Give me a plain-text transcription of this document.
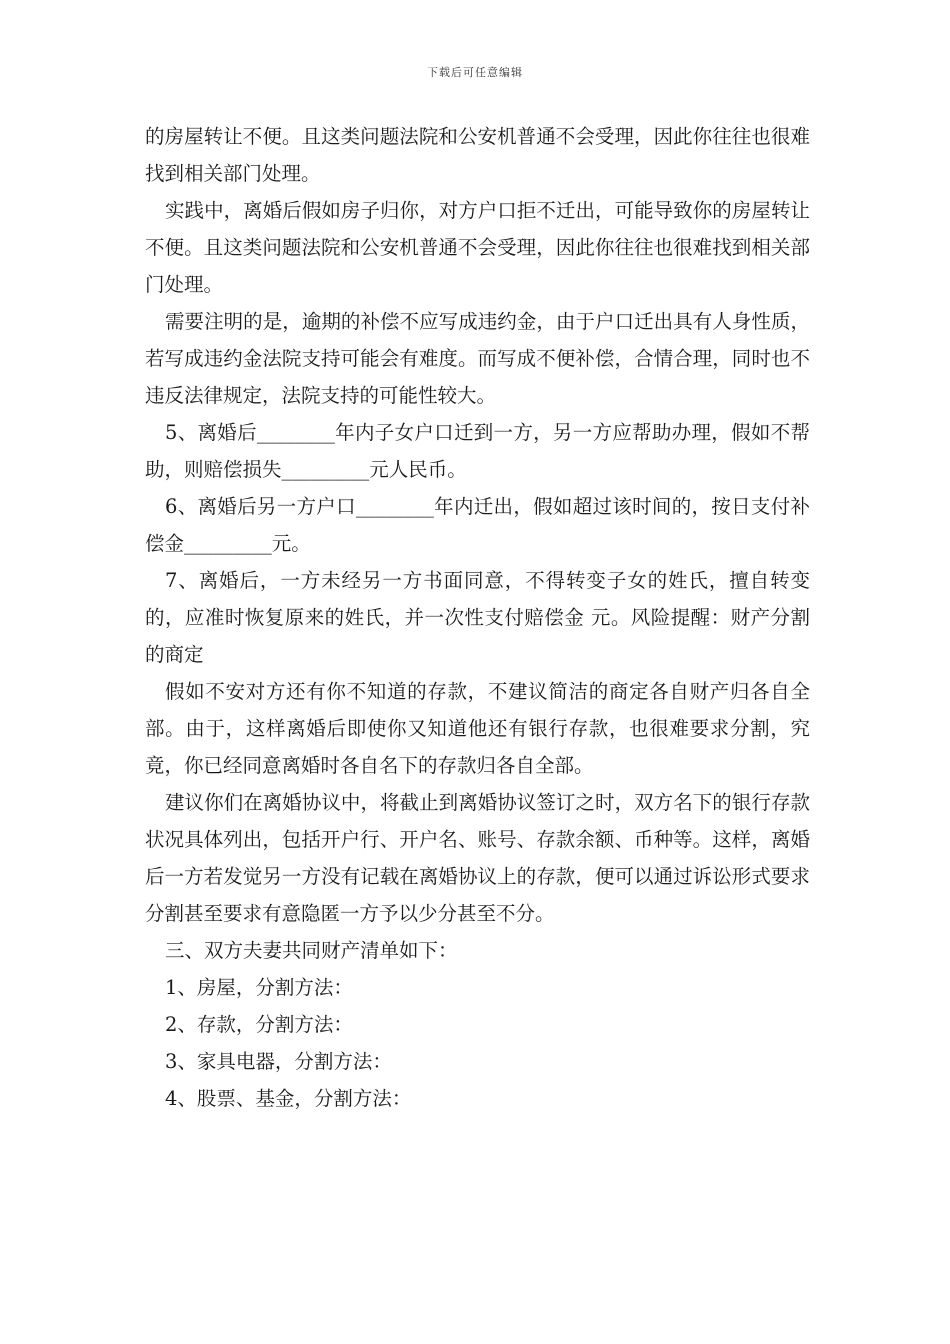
下载后可任意编辑

的房屋转让不便。且这类问题法院和公安机普通不会受理，因此你往往也很难找到相关部门处理。

实践中，离婚后假如房子归你，对方户口拒不迁出，可能导致你的房屋转让不便。且这类问题法院和公安机普通不会受理，因此你往往也很难找到相关部门处理。

需要注明的是，逾期的补偿不应写成违约金，由于户口迁出具有人身性质，若写成违约金法院支持可能会有难度。而写成不便补偿，合情合理，同时也不违反法律规定，法院支持的可能性较大。

5、离婚后________年内子女户口迁到一方，另一方应帮助办理，假如不帮助，则赔偿损失_________元人民币。

6、离婚后另一方户口________年内迁出，假如超过该时间的，按日支付补偿金_________元。

7、离婚后，一方未经另一方书面同意，不得转变子女的姓氏，擅自转变的，应准时恢复原来的姓氏，并一次性支付赔偿金 元。风险提醒：财产分割的商定

假如不安对方还有你不知道的存款，不建议简洁的商定各自财产归各自全部。由于，这样离婚后即使你又知道他还有银行存款，也很难要求分割，究竟，你已经同意离婚时各自名下的存款归各自全部。

建议你们在离婚协议中，将截止到离婚协议签订之时，双方名下的银行存款状况具体列出，包括开户行、开户名、账号、存款余额、币种等。这样，离婚后一方若发觉另一方没有记载在离婚协议上的存款，便可以通过诉讼形式要求分割甚至要求有意隐匿一方予以少分甚至不分。

三、双方夫妻共同财产清单如下：

1、房屋，分割方法：

2、存款，分割方法：

3、家具电器，分割方法：

4、股票、基金，分割方法：
